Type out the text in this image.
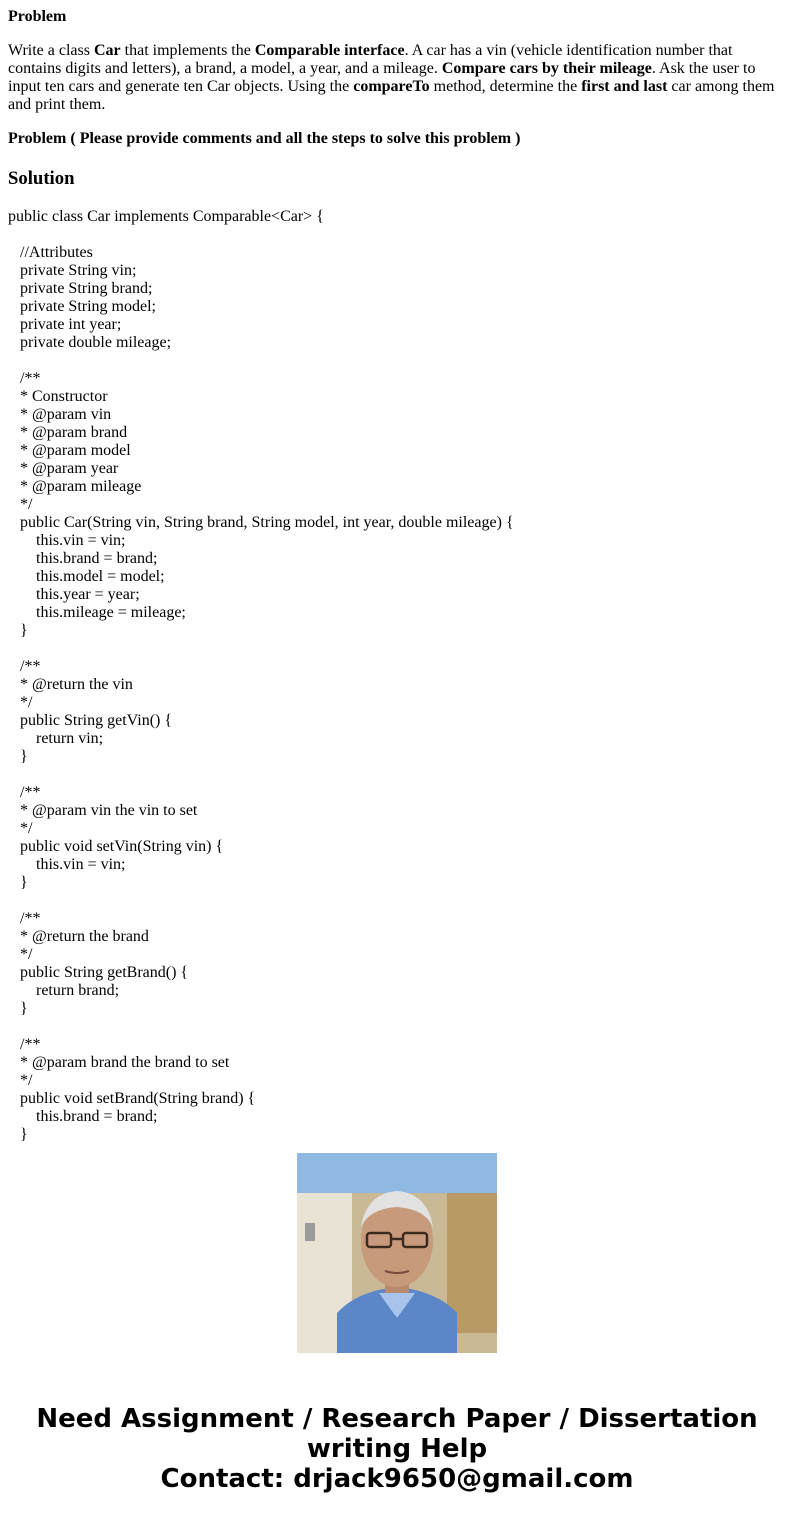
Problem
Write a class Car that implements the Comparable interface. A car has a vin (vehicle identification number that contains digits and letters), a brand, a model, a year, and a mileage. Compare cars by their mileage. Ask the user to input ten cars and generate ten Car objects. Using the compareTo method, determine the first and last car among them and print them.
Problem ( Please provide comments and all the steps to solve this problem )
Solution
public class Car implements Comparable<Car> {
//Attributes
private String vin;
private String brand;
private String model;
private int year;
private double mileage;
/**
* Constructor
* @param vin
* @param brand
* @param model
* @param year
* @param mileage
*/
public Car(String vin, String brand, String model, int year, double mileage) {
this.vin = vin;
this.brand = brand;
this.model = model;
this.year = year;
this.mileage = mileage;
}
/**
* @return the vin
*/
public String getVin() {
return vin;
}
/**
* @param vin the vin to set
*/
public void setVin(String vin) {
this.vin = vin;
}
/**
* @return the brand
*/
public String getBrand() {
return brand;
}
/**
* @param brand the brand to set
*/
public void setBrand(String brand) {
this.brand = brand;
}
Need Assignment / Research Paper / Dissertation
writing Help
Contact: drjack9650@gmail.com
